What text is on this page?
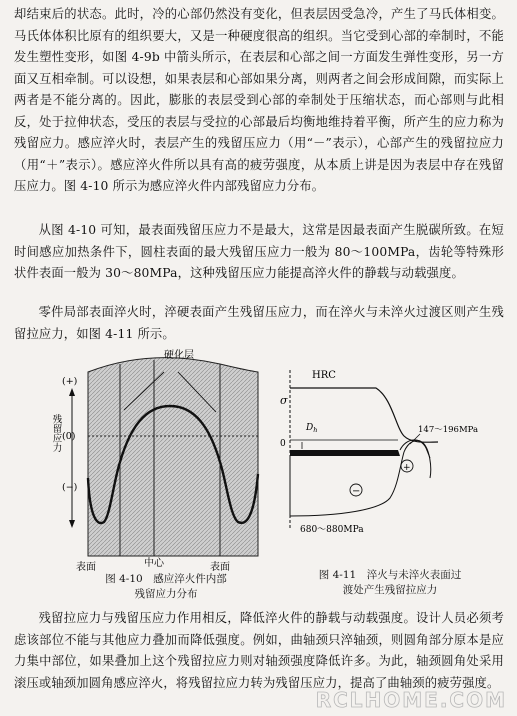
却结束后的状态。此时，冷的心部仍然没有变化，但表层因受急冷，产生了马氏体相变。马氏体体积比原有的组织要大，又是一种硬度很高的组织。当它受到心部的牵制时，不能发生塑性变形，如图 4-9b 中箭头所示，在表层和心部之间一方面发生弹性变形，另一方面又互相牵制。可以设想，如果表层和心部如果分离，则两者之间会形成间隙，而实际上两者是不能分离的。因此，膨胀的表层受到心部的牵制处于压缩状态，而心部则与此相反，处于拉伸状态，受压的表层与受拉的心部最后均衡地维持着平衡，所产生的应力称为残留应力。感应淬火时，表层产生的残留压应力（用“－”表示），心部产生的残留拉应力（用“＋”表示）。感应淬火件所以具有高的疲劳强度，从本质上讲是因为表层中存在残留压应力。图 4-10 所示为感应淬火件内部残留应力分布。

从图 4-10 可知，最表面残留压应力不是最大，这常是因最表面产生脱碳所致。在短时间感应加热条件下，圆柱表面的最大残留压应力一般为 80～100MPa，齿轮等特殊形状件表面一般为 30～80MPa，这种残留压应力能提高淬火件的静载与动载强度。

零件局部表面淬火时，淬硬表面产生残留压应力，而在淬火与未淬火过渡区则产生残留拉应力，如图 4-11 所示。

硬化层
(+)
(0)
(−)
残留应力
表面	中心	表面
图 4-10　感应淬火件内部
残留应力分布
HRC
σ
0
$D_h$	147～196MPa
+
−
680～880MPa
图 4-11　淬火与未淬火表面过
渡处产生残留拉应力

残留拉应力与残留压应力作用相反，降低淬火件的静载与动载强度。设计人员必须考虑该部位不能与其他应力叠加而降低强度。例如，曲轴颈只淬轴颈，则圆角部分原本是应力集中部位，如果叠加上这个残留拉应力则对轴颈强度降低许多。为此，轴颈圆角处采用滚压或轴颈加圆角感应淬火，将残留拉应力转为残留压应力，提高了曲轴颈的疲劳强度。

RCLHOME.COM
